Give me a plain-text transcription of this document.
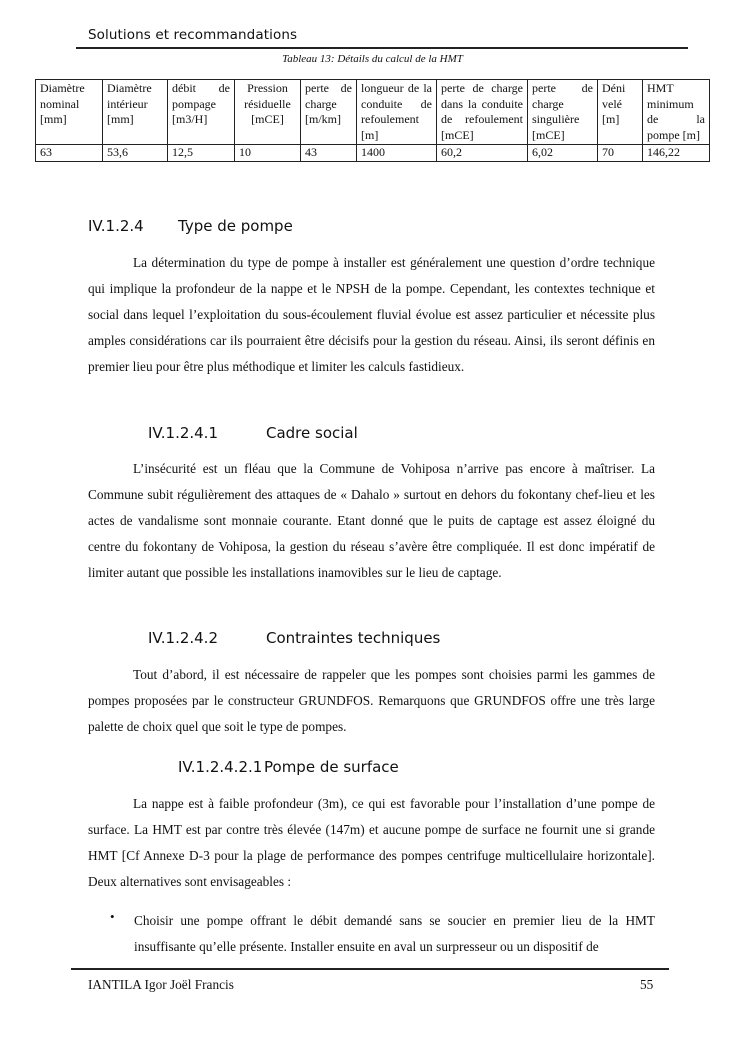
Solutions et recommandations
Tableau 13: Détails du calcul de la HMT
Diamètre nominal [mm]	Diamètre intérieur [mm]	débit de pompage [m3/H]	Pression résiduelle [mCE]	perte de charge [m/km]	longueur de la conduite de refoulement [m]	perte de charge dans la conduite de refoulement [mCE]	perte de charge singulière [mCE]	Déni velé [m]	HMT minimum de la pompe [m]
63	53,6	12,5	10	43	1400	60,2	6,02	70	146,22
IV.1.2.4 Type de pompe

La détermination du type de pompe à installer est généralement une question d’ordre technique qui implique la profondeur de la nappe et le NPSH de la pompe. Cependant, les contextes technique et social dans lequel l’exploitation du sous-écoulement fluvial évolue est assez particulier et nécessite plus amples considérations car ils pourraient être décisifs pour la gestion du réseau. Ainsi, ils seront définis en premier lieu pour être plus méthodique et limiter les calculs fastidieux.

IV.1.2.4.1	Cadre social

L’insécurité est un fléau que la Commune de Vohiposa n’arrive pas encore à maîtriser. La Commune subit régulièrement des attaques de « Dahalo » surtout en dehors du fokontany chef-lieu et les actes de vandalisme sont monnaie courante. Etant donné que le puits de captage est assez éloigné du centre du fokontany de Vohiposa, la gestion du réseau s’avère être compliquée. Il est donc impératif de limiter autant que possible les installations inamovibles sur le lieu de captage.

IV.1.2.4.2	Contraintes techniques

Tout d’abord, il est nécessaire de rappeler que les pompes sont choisies parmi les gammes de pompes proposées par le constructeur GRUNDFOS. Remarquons que GRUNDFOS offre une très large palette de choix quel que soit le type de pompes.

IV.1.2.4.2.1 Pompe de surface

La nappe est à faible profondeur (3m), ce qui est favorable pour l’installation d’une pompe de surface. La HMT est par contre très élevée (147m) et aucune pompe de surface ne fournit une si grande HMT [Cf Annexe D-3 pour la plage de performance des pompes centrifuge multicellulaire horizontale]. Deux alternatives sont envisageables :

• Choisir une pompe offrant le débit demandé sans se soucier en premier lieu de la HMT insuffisante qu’elle présente. Installer ensuite en aval un surpresseur ou un dispositif de

IANTILA Igor Joël Francis	55
